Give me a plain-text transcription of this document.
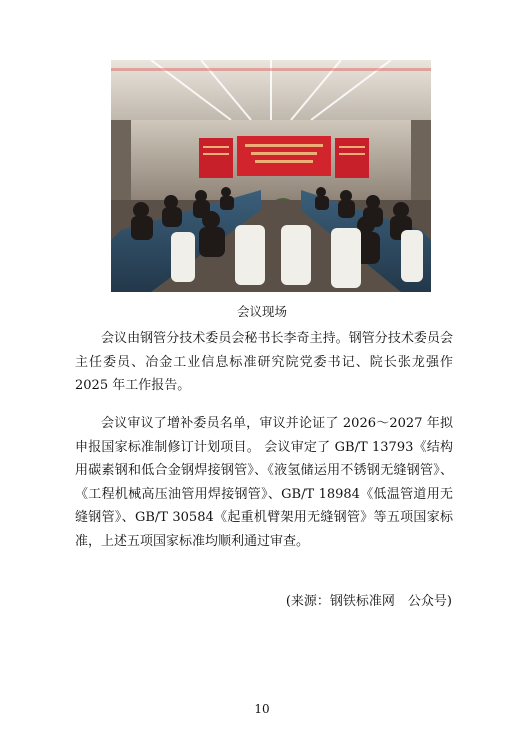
会议现场

会议由钢管分技术委员会秘书长李奇主持。钢管分技术委员会主任委员、冶金工业信息标准研究院党委书记、院长张龙强作 2025 年工作报告。

会议审议了增补委员名单，审议并论证了 2026～2027 年拟申报国家标准制修订计划项目。 会议审定了 GB/T 13793《结构用碳素钢和低合金钢焊接钢管》、《液氢储运用不锈钢无缝钢管》、《工程机械高压油管用焊接钢管》、GB/T 18984《低温管道用无缝钢管》、GB/T 30584《起重机臂架用无缝钢管》等五项国家标准，上述五项国家标准均顺利通过审查。

(来源：钢铁标准网　公众号)
10
